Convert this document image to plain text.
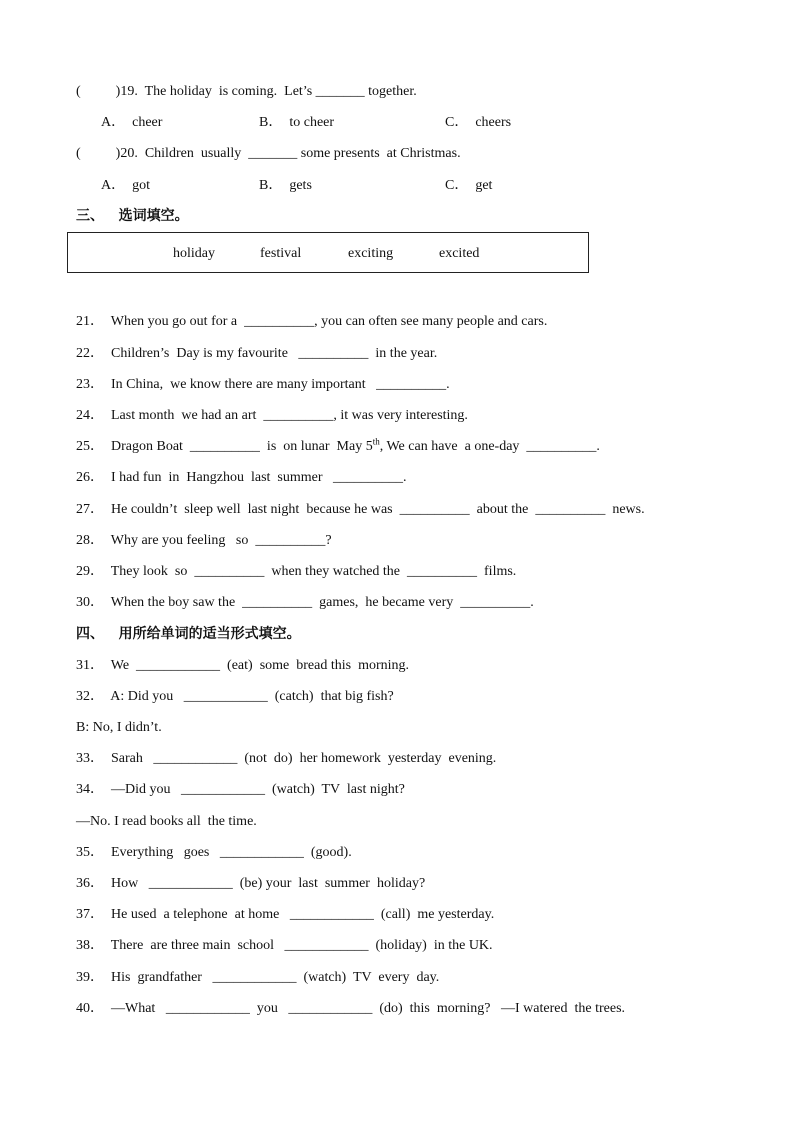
(          )19.  The holiday  is coming.  Let’s _______ together.
A．  cheer	B．  to cheer	C．  cheers
(          )20.  Children  usually  _______ some presents  at Christmas.
A．  got	B．  gets	C．  get
三、   选词填空。
holiday	festival	exciting	excited
21．  When you go out for a  __________, you can often see many people and cars.
22．  Children’s  Day is my favourite   __________  in the year.
23．  In China,  we know there are many important   __________.
24．  Last month  we had an art  __________, it was very interesting.
25．  Dragon Boat  __________  is  on lunar  May 5th, We can have  a one-day  __________.
26．  I had fun  in  Hangzhou  last  summer   __________.
27．  He couldn’t  sleep well  last night  because he was  __________  about the  __________  news.
28．  Why are you feeling   so  __________?
29．  They look  so  __________  when they watched the  __________  films.
30．  When the boy saw the  __________  games,  he became very  __________.
四、   用所给单词的适当形式填空。
31．  We  ____________  (eat)  some  bread this  morning.
32．  A: Did you   ____________  (catch)  that big fish?
B: No, I didn’t.
33．  Sarah   ____________  (not  do)  her homework  yesterday  evening.
34．  —Did you   ____________  (watch)  TV  last night?
—No. I read books all  the time.
35．  Everything   goes   ____________  (good).
36．  How   ____________  (be) your  last  summer  holiday?
37．  He used  a telephone  at home   ____________  (call)  me yesterday.
38．  There  are three main  school   ____________  (holiday)  in the UK.
39．  His  grandfather   ____________  (watch)  TV  every  day.
40．  —What   ____________  you   ____________  (do)  this  morning?   —I watered  the trees.
